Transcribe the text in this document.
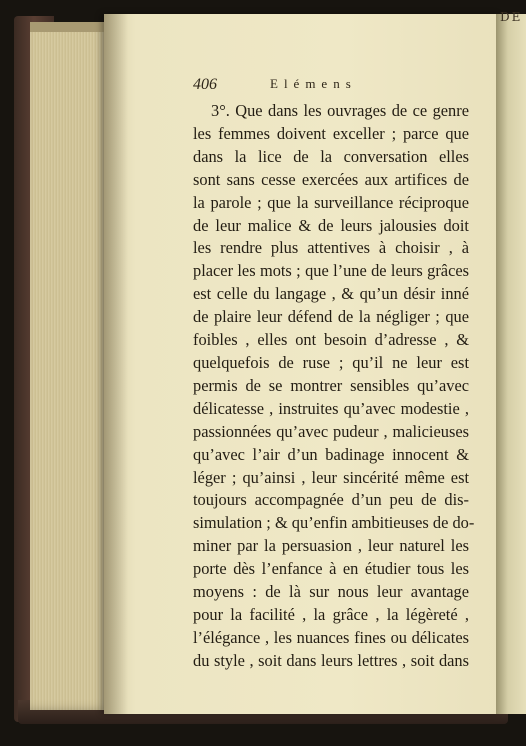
DE
406	Elémens
3°. Que dans les ouvrages de ce genre
les femmes doivent exceller ; parce que
dans la lice de la conversation elles
sont sans cesse exercées aux artifices de
la parole ; que la surveillance réciproque
de leur malice & de leurs jalousies doit
les rendre plus attentives à choisir , à
placer les mots ; que l’une de leurs grâces
est celle du langage , & qu’un désir inné
de plaire leur défend de la négliger ; que
foibles , elles ont besoin d’adresse , &
quelquefois de ruse ; qu’il ne leur est
permis de se montrer sensibles qu’avec
délicatesse , instruites qu’avec modestie ,
passionnées qu’avec pudeur , malicieuses
qu’avec l’air d’un badinage innocent &
léger ; qu’ainsi , leur sincérité même est
toujours accompagnée d’un peu de dis-
simulation ; & qu’enfin ambitieuses de do-
miner par la persuasion , leur naturel les
porte dès l’enfance à en étudier tous les
moyens : de là sur nous leur avantage
pour la facilité , la grâce , la légèreté ,
l’élégance , les nuances fines ou délicates
du style , soit dans leurs lettres , soit dans
